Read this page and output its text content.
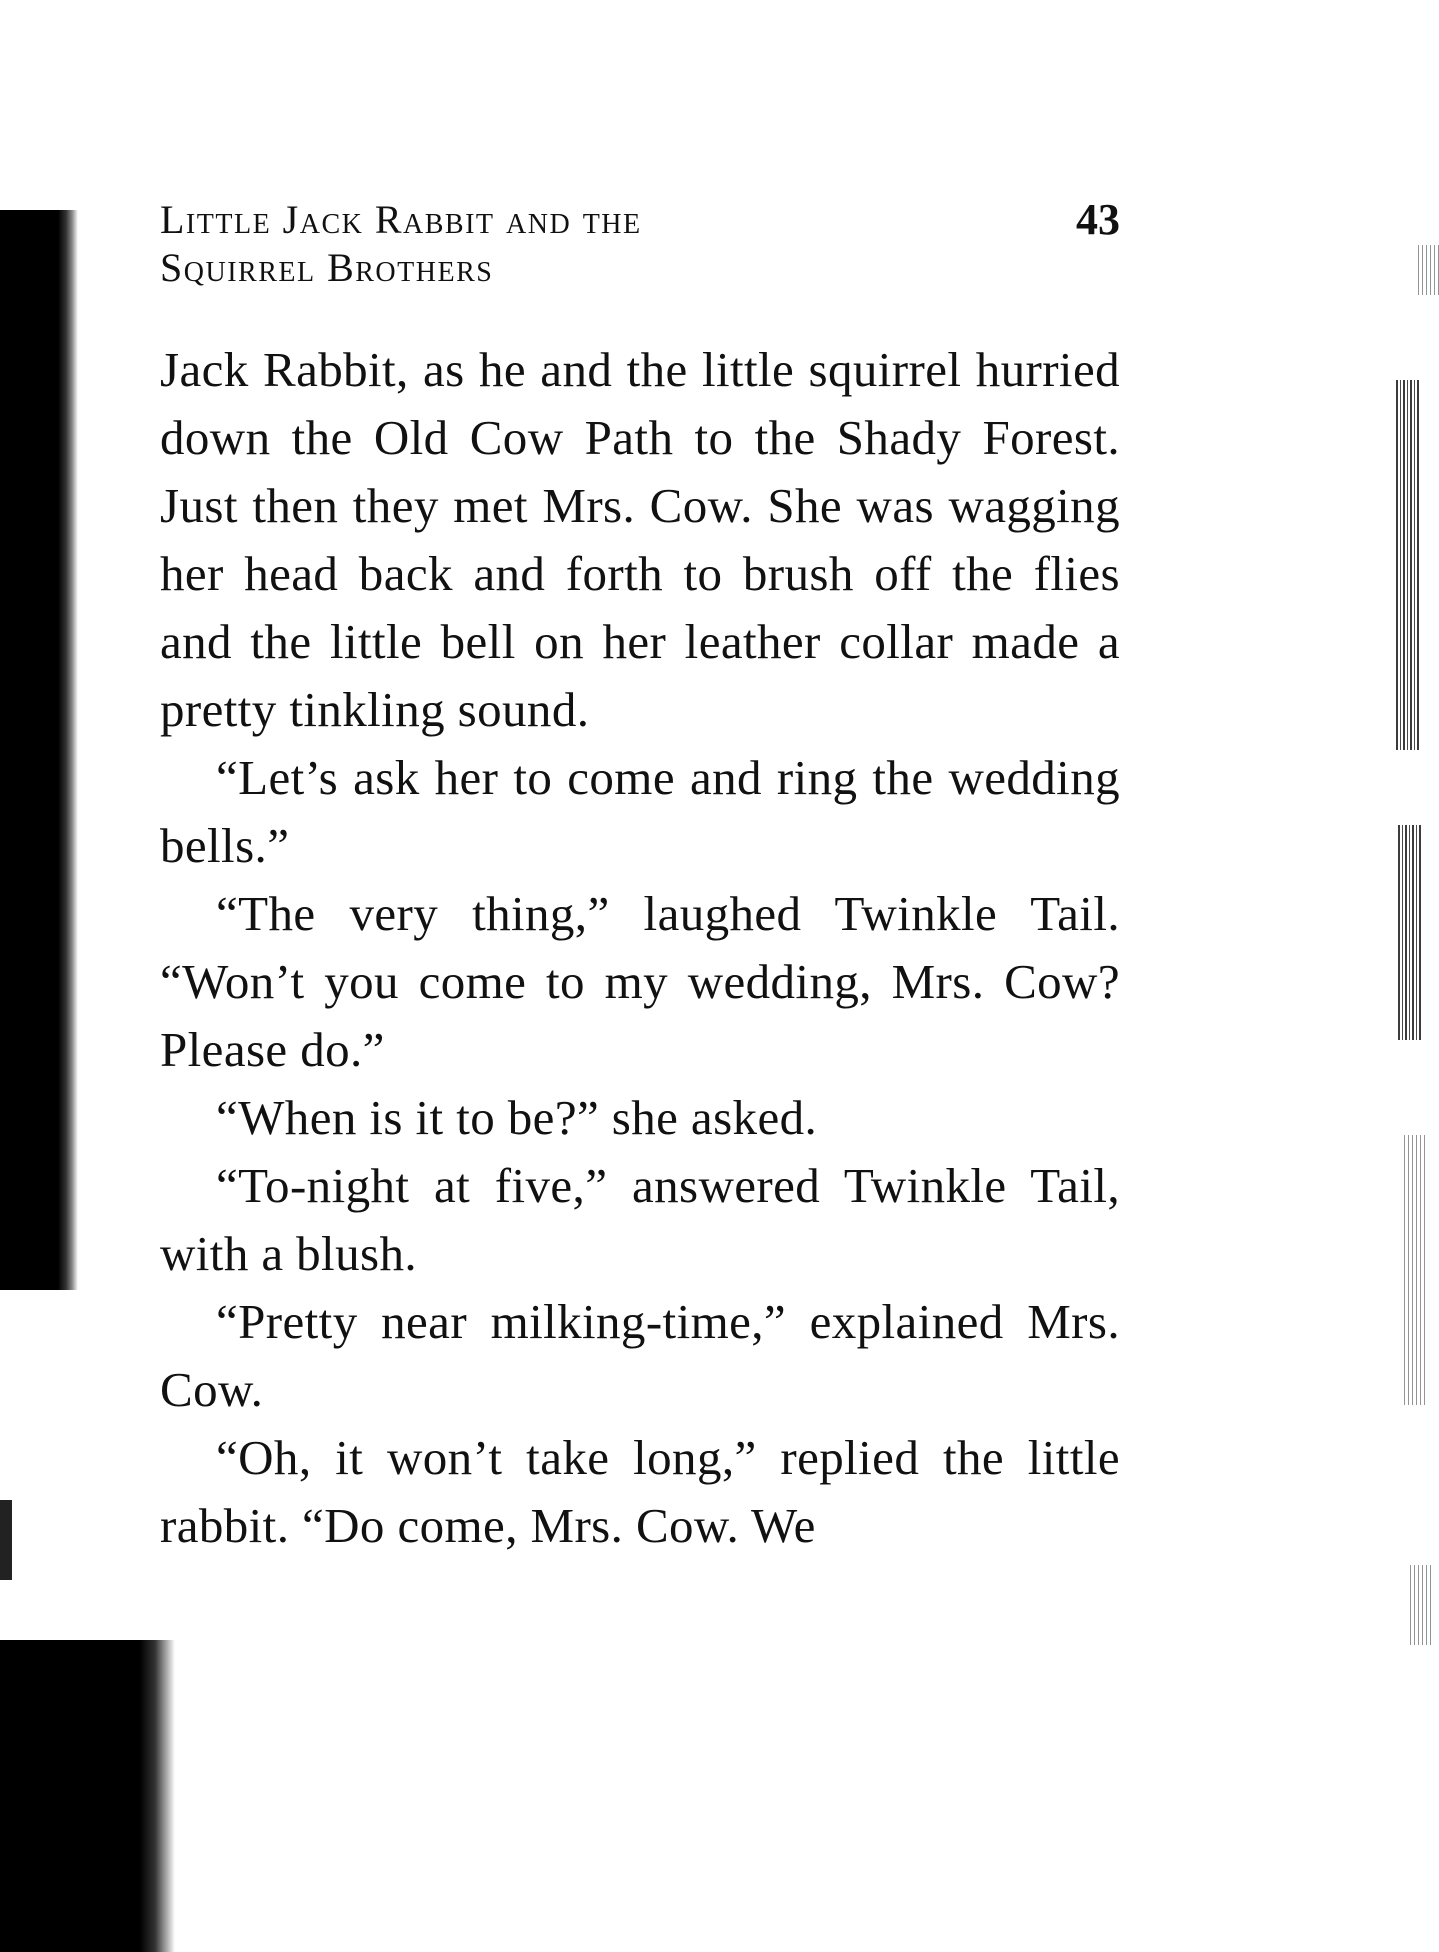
Little Jack Rabbit and the
Squirrel Brothers
43

Jack Rabbit, as he and the little squirrel hurried down the Old Cow Path to the Shady Forest. Just then they met Mrs. Cow. She was wagging her head back and forth to brush off the flies and the little bell on her leather collar made a pretty tinkling sound.

“Let’s ask her to come and ring the wedding bells.”

“The very thing,” laughed Twinkle Tail. “Won’t you come to my wedding, Mrs. Cow? Please do.”

“When is it to be?” she asked.

“To-night at five,” answered Twinkle Tail, with a blush.

“Pretty near milking-time,” explained Mrs. Cow.

“Oh, it won’t take long,” replied the little rabbit. “Do come, Mrs. Cow. We
